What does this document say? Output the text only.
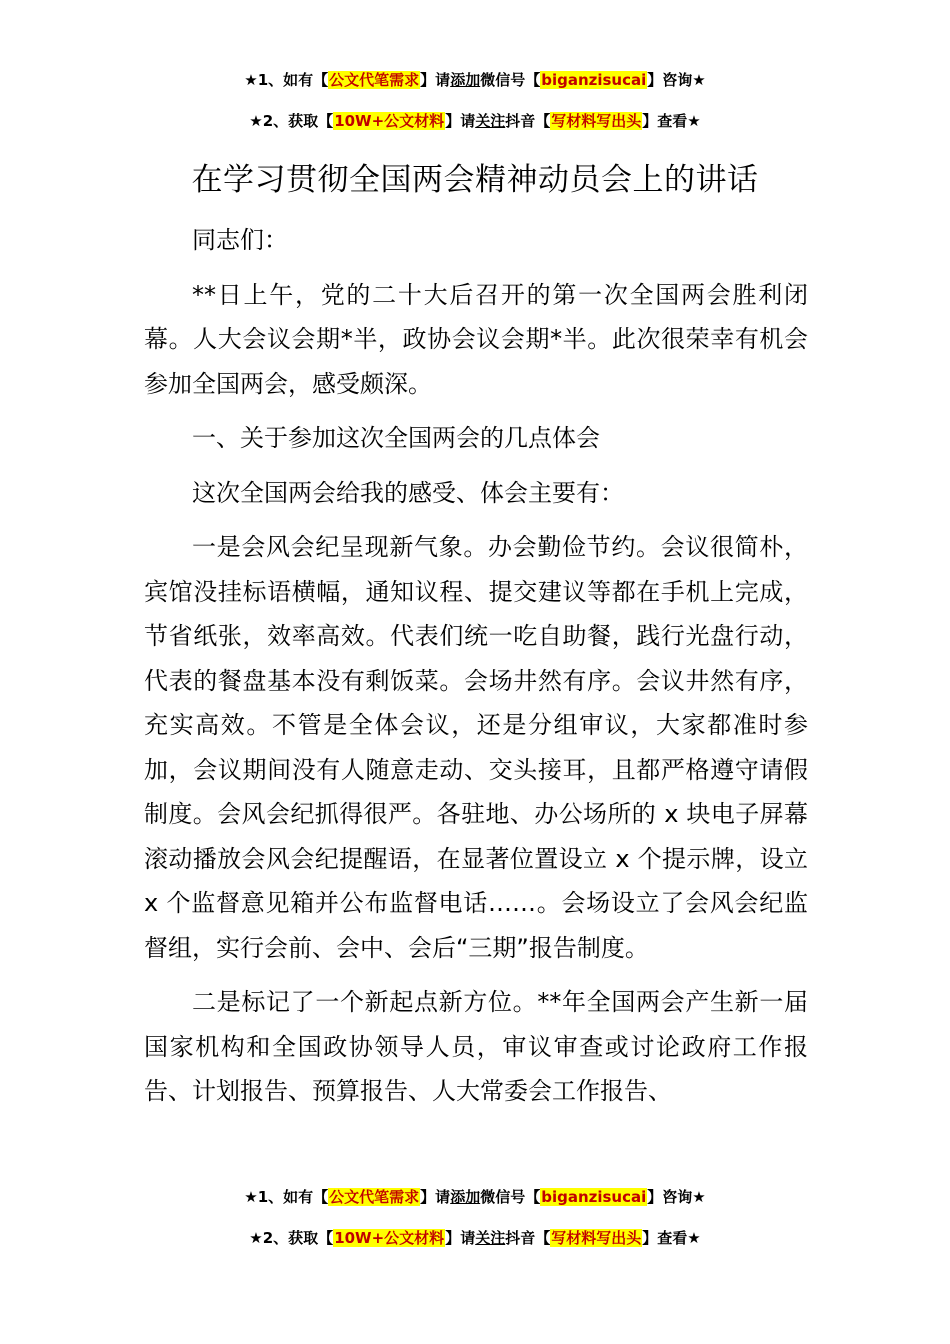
★1、如有【公文代笔需求】请添加微信号【biganzisucai】咨询★
★2、获取【10W+公文材料】请关注抖音【写材料写出头】查看★
在学习贯彻全国两会精神动员会上的讲话

同志们：

**日上午，党的二十大后召开的第一次全国两会胜利闭幕。人大会议会期*半，政协会议会期*半。此次很荣幸有机会参加全国两会，感受颇深。

一、关于参加这次全国两会的几点体会

这次全国两会给我的感受、体会主要有：

一是会风会纪呈现新气象。办会勤俭节约。会议很简朴，宾馆没挂标语横幅，通知议程、提交建议等都在手机上完成，节省纸张，效率高效。代表们统一吃自助餐，践行光盘行动，代表的餐盘基本没有剩饭菜。会场井然有序。会议井然有序，充实高效。不管是全体会议，还是分组审议，大家都准时参加，会议期间没有人随意走动、交头接耳，且都严格遵守请假制度。会风会纪抓得很严。各驻地、办公场所的 x 块电子屏幕滚动播放会风会纪提醒语，在显著位置设立 x 个提示牌，设立 x 个监督意见箱并公布监督电话……。会场设立了会风会纪监督组，实行会前、会中、会后“三期”报告制度。

二是标记了一个新起点新方位。**年全国两会产生新一届国家机构和全国政协领导人员，审议审查或讨论政府工作报告、计划报告、预算报告、人大常委会工作报告、

★1、如有【公文代笔需求】请添加微信号【biganzisucai】咨询★
★2、获取【10W+公文材料】请关注抖音【写材料写出头】查看★
